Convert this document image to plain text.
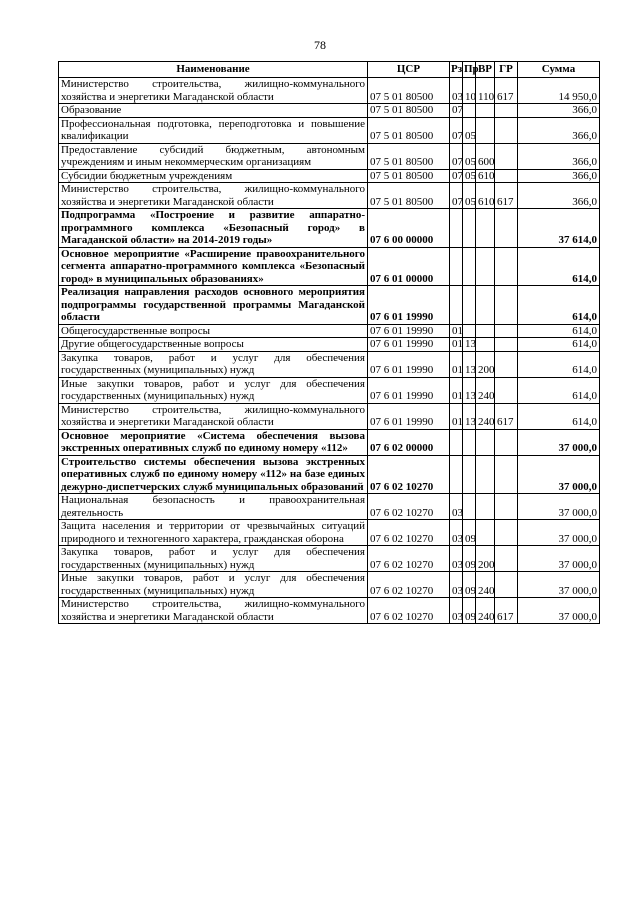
78
Наименование	ЦСР	Рз	Пр	ВР	ГР	Сумма
Министерство строительства, жилищно-коммунального хозяйства и энергетики Магаданской области	07 5 01 80500	03	10	110	617	14 950,0
Образование	07 5 01 80500	07				366,0
Профессиональная подготовка, переподготовка и повышение квалификации	07 5 01 80500	07	05			366,0
Предоставление субсидий бюджетным, автономным учреждениям и иным некоммерческим организациям	07 5 01 80500	07	05	600		366,0
Субсидии бюджетным учреждениям	07 5 01 80500	07	05	610		366,0
Министерство строительства, жилищно-коммунального хозяйства и энергетики Магаданской области	07 5 01 80500	07	05	610	617	366,0
Подпрограмма «Построение и развитие аппаратно-программного комплекса «Безопасный город» в Магаданской области» на 2014-2019 годы»	07 6 00 00000					37 614,0
Основное мероприятие «Расширение правоохранительного сегмента аппаратно-программного комплекса «Безопасный город» в муниципальных образованиях»	07 6 01 00000					614,0
Реализация направления расходов основного мероприятия подпрограммы государственной программы Магаданской области	07 6 01 19990					614,0
Общегосударственные вопросы	07 6 01 19990	01				614,0
Другие общегосударственные вопросы	07 6 01 19990	01	13			614,0
Закупка товаров, работ и услуг для обеспечения государственных (муниципальных) нужд	07 6 01 19990	01	13	200		614,0
Иные закупки товаров, работ и услуг для обеспечения государственных (муниципальных) нужд	07 6 01 19990	01	13	240		614,0
Министерство строительства, жилищно-коммунального хозяйства и энергетики Магаданской области	07 6 01 19990	01	13	240	617	614,0
Основное мероприятие «Система обеспечения вызова экстренных оперативных служб по единому номеру «112»	07 6 02 00000					37 000,0
Строительство системы обеспечения вызова экстренных оперативных служб по единому номеру «112» на базе единых дежурно-диспетчерских служб муниципальных образований	07 6 02 10270					37 000,0
Национальная безопасность и правоохранительная деятельность	07 6 02 10270	03				37 000,0
Защита населения и территории от чрезвычайных ситуаций природного и техногенного характера, гражданская оборона	07 6 02 10270	03	09			37 000,0
Закупка товаров, работ и услуг для обеспечения государственных (муниципальных) нужд	07 6 02 10270	03	09	200		37 000,0
Иные закупки товаров, работ и услуг для обеспечения государственных (муниципальных) нужд	07 6 02 10270	03	09	240		37 000,0
Министерство строительства, жилищно-коммунального хозяйства и энергетики Магаданской области	07 6 02 10270	03	09	240	617	37 000,0
